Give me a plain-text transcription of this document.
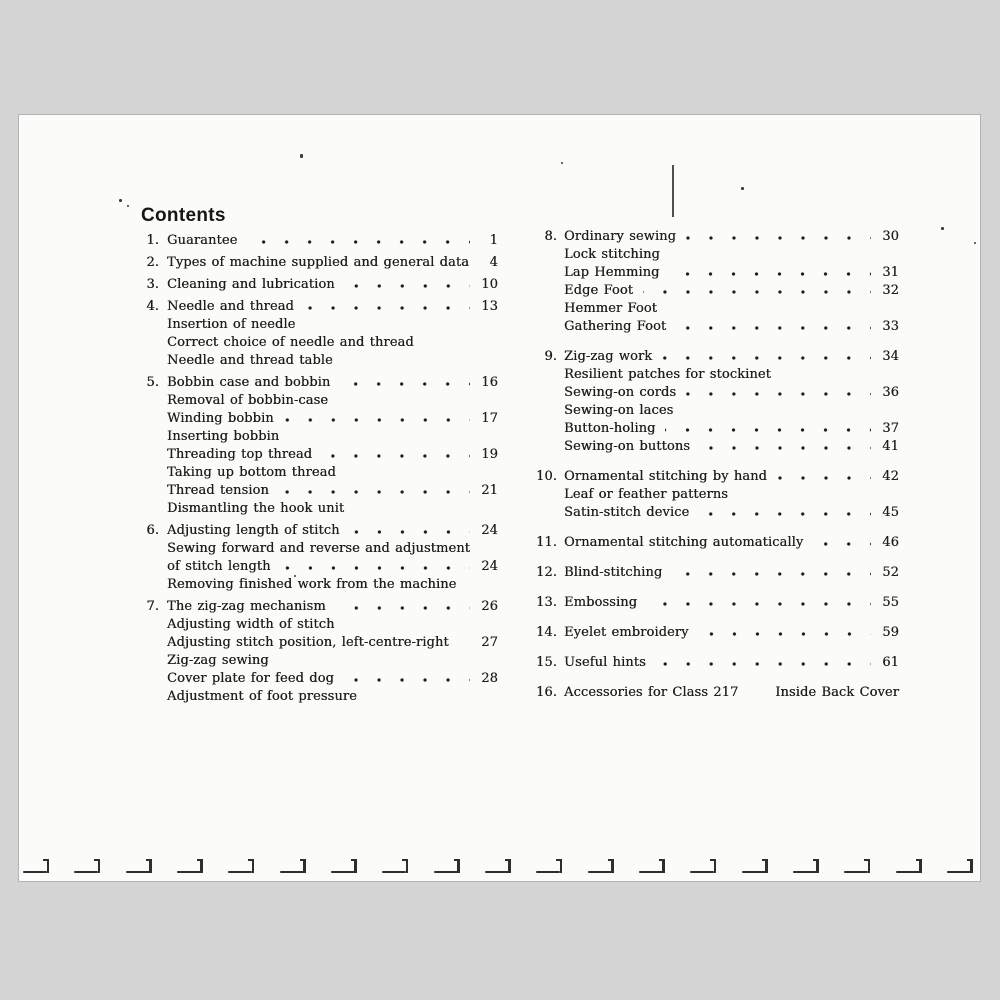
Contents
1. Guarantee	1
2. Types of machine supplied and general data	4
3. Cleaning and lubrication	10
4. Needle and thread	13
Insertion of needle
Correct choice of needle and thread
Needle and thread table
5. Bobbin case and bobbin	16
Removal of bobbin-case
Winding bobbin	17
Inserting bobbin
Threading top thread	19
Taking up bottom thread
Thread tension	21
Dismantling the hook unit
6. Adjusting length of stitch	24
Sewing forward and reverse and adjustment
of stitch length	24
Removing finished work from the machine
7. The zig-zag mechanism	26
Adjusting width of stitch
Adjusting stitch position, left-centre-right	27
Zig-zag sewing
Cover plate for feed dog	28
Adjustment of foot pressure
8. Ordinary sewing	30
Lock stitching
Lap Hemming	31
Edge Foot	32
Hemmer Foot
Gathering Foot	33
9. Zig-zag work	34
Resilient patches for stockinet
Sewing-on cords	36
Sewing-on laces
Button-holing	37
Sewing-on buttons	41
10. Ornamental stitching by hand	42
Leaf or feather patterns
Satin-stitch device	45
11. Ornamental stitching automatically	46
12. Blind-stitching	52
13. Embossing	55
14. Eyelet embroidery	59
15. Useful hints	61
16. Accessories for Class 217	Inside Back Cover
